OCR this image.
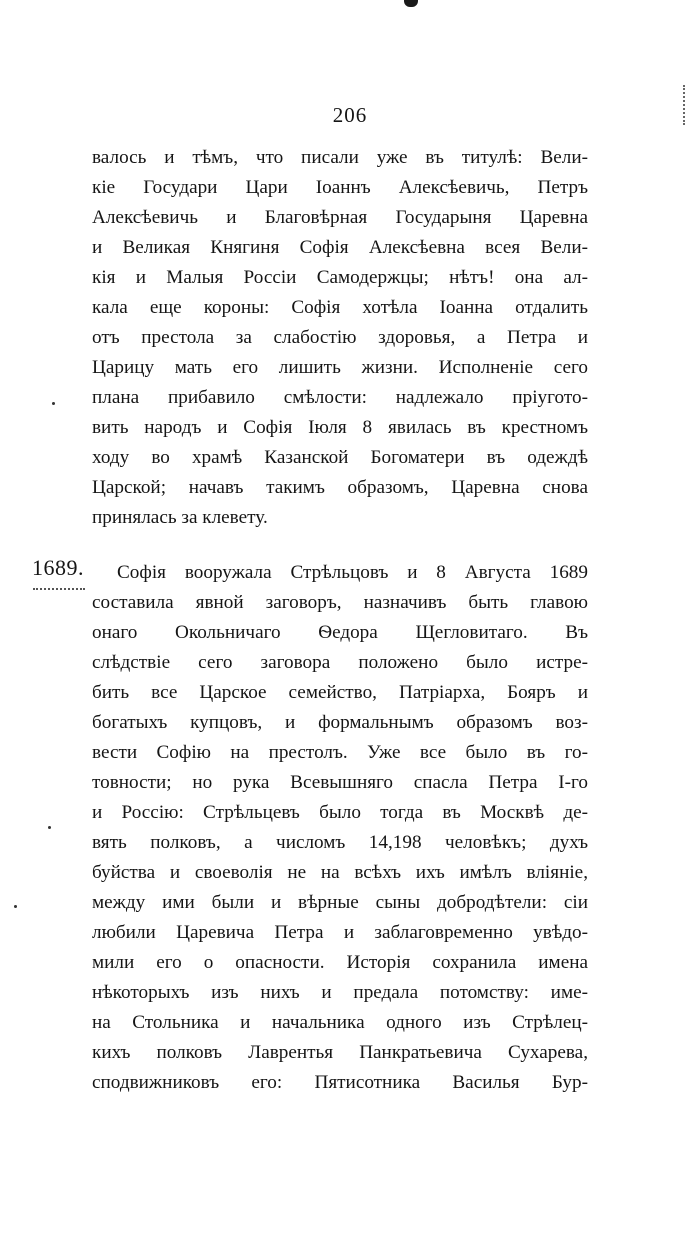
206
валось и тѣмъ, что писали уже въ титулѣ: Вели-
кіе Государи Цари Іоаннъ Алексѣевичь, Петръ
Алексѣевичь и Благовѣрная Государыня Царевна
и Великая Княгиня Софія Алексѣевна всея Вели-
кія и Малыя Россіи Самодержцы; нѣтъ! она ал-
кала еще короны: Софія хотѣла Іоанна отдалить
отъ престола за слабостію здоровья, а Петра и
Царицу мать его лишить жизни. Исполненіе сего
плана прибавило смѣлости: надлежало пріугото-
вить народъ и Софія Іюля 8 явилась въ крестномъ
ходу во храмѣ Казанской Богоматери въ одеждѣ
Царской; начавъ такимъ образомъ, Царевна снова
принялась за клевету.
1689. Софія вооружала Стрѣльцовъ и 8 Августа 1689
составила явной заговоръ, назначивъ быть главою
онаго Окольничаго Ѳедора Щегловитаго. Въ
слѣдствіе сего заговора положено было истре-
бить все Царское семейство, Патріарха, Бояръ и
богатыхъ купцовъ, и формальнымъ образомъ воз-
вести Софію на престолъ. Уже все было въ го-
товности; но рука Всевышняго спасла Петра І-го
и Россію: Стрѣльцевъ было тогда въ Москвѣ де-
вять полковъ, а числомъ 14,198 человѣкъ; духъ
буйства и своеволія не на всѣхъ ихъ имѣлъ вліяніе,
между ими были и вѣрные сыны добродѣтели: сіи
любили Царевича Петра и заблаговременно увѣдо-
мили его о опасности. Исторія сохранила имена
нѣкоторыхъ изъ нихъ и предала потомству: име-
на Стольника и начальника одного изъ Стрѣлец-
кихъ полковъ Лаврентья Панкратьевича Сухарева,
сподвижниковъ его: Пятисотника Василья Бур-
